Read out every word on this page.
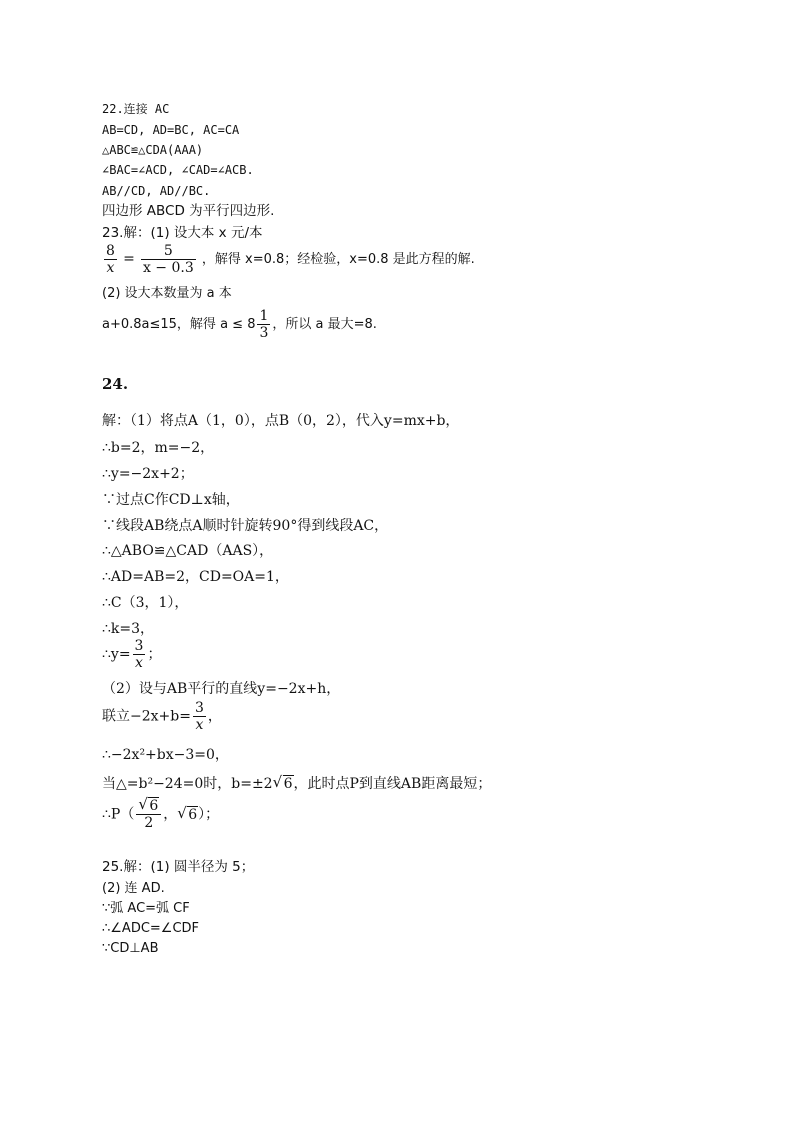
22.连接 AC
AB=CD, AD=BC, AC=CA
△ABC≌△CDA(AAA)
∠BAC=∠ACD, ∠CAD=∠ACB.
AB//CD, AD//BC.
四边形 ABCD 为平行四边形.
23.解：(1) 设大本 x 元/本
$\frac{8}{x} = \frac{5}{x - 0.3}$ ，解得 x=0.8；经检验，x=0.8 是此方程的解.
(2) 设大本数量为 a 本
a+0.8a≤15，解得 $a \le 8 \frac{1}{3}$ ，所以 a 最大=8.
24.
解：（1）将点A（1，0），点B（0，2），代入y=mx+b，
∴b=2，m=−2，
∴y=−2x+2；
∵过点C作CD⊥x轴，
∵线段AB绕点A顺时针旋转90°得到线段AC，
∴△ABO≌△CAD（AAS），
∴AD=AB=2，CD=OA=1，
∴C（3，1），
∴k=3，
∴y= $\frac{3}{x}$ ；
（2）设与AB平行的直线y=−2x+h，
联立$-2x+b= \frac{3}{x}$ ，
∴−2x²+bx−3=0，
当△=b²−24=0时，b=±2 √ 6，此时点P到直线AB距离最短；
∴P（ √ $\frac{6}{2}$ ， √ 6）；
25.解：(1) 圆半径为 5；
(2) 连 AD.
∵弧 AC=弧 CF
∴∠ADC=∠CDF
∵CD⊥AB
